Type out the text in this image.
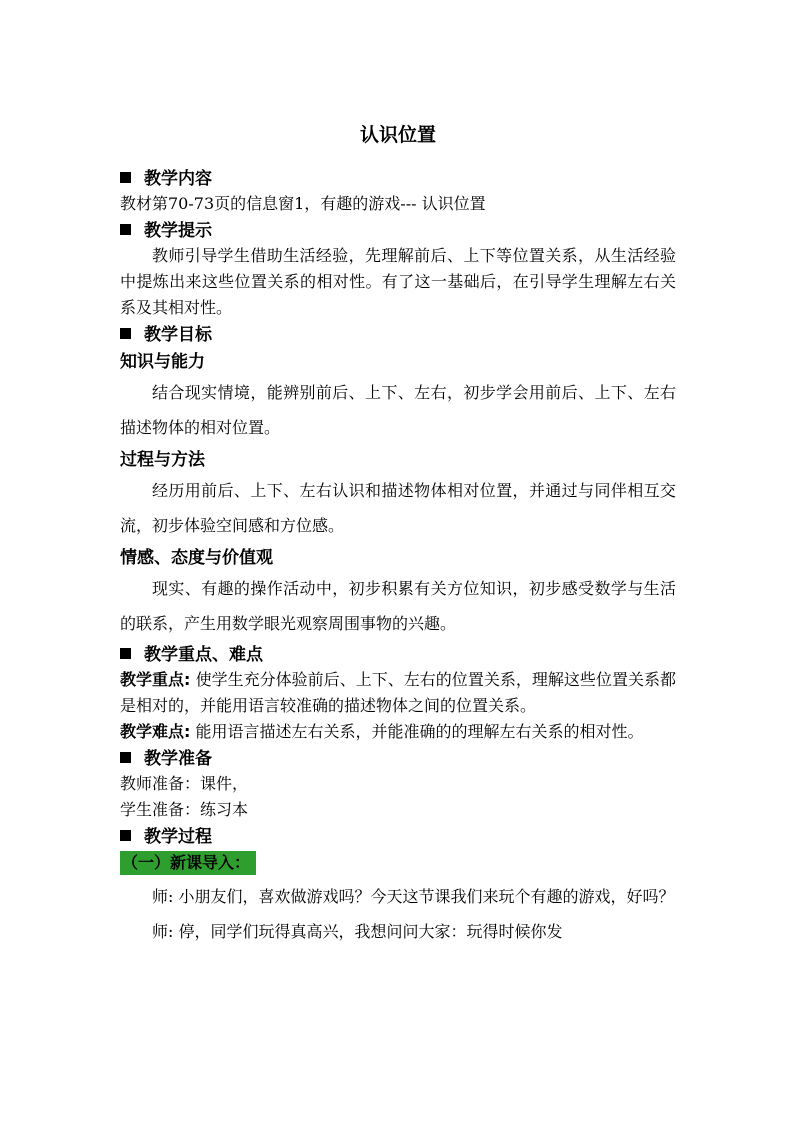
认识位置
教学内容

教材第70-73页的信息窗1，有趣的游戏--- 认识位置

教学提示

教师引导学生借助生活经验，先理解前后、上下等位置关系，从生活经验中提炼出来这些位置关系的相对性。有了这一基础后，在引导学生理解左右关系及其相对性。

教学目标
知识与能力

结合现实情境，能辨别前后、上下、左右，初步学会用前后、上下、左右描述物体的相对位置。

过程与方法

经历用前后、上下、左右认识和描述物体相对位置，并通过与同伴相互交流，初步体验空间感和方位感。

情感、态度与价值观

现实、有趣的操作活动中，初步积累有关方位知识，初步感受数学与生活的联系，产生用数学眼光观察周围事物的兴趣。

教学重点、难点

教学重点: 使学生充分体验前后、上下、左右的位置关系，理解这些位置关系都是相对的，并能用语言较准确的描述物体之间的位置关系。

教学难点: 能用语言描述左右关系，并能准确的的理解左右关系的相对性。

教学准备

教师准备：课件，

学生准备：练习本

教学过程
（一）新课导入：

师: 小朋友们，喜欢做游戏吗？今天这节课我们来玩个有趣的游戏，好吗？

师: 停，同学们玩得真高兴，我想问问大家：玩得时候你发
